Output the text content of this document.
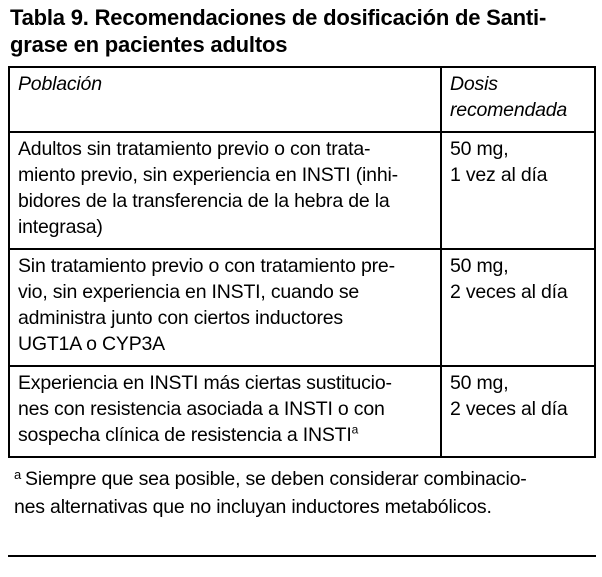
Tabla 9. Recomendaciones de dosificación de Santi-
grase en pacientes adultos
Población	Dosis
recomendada

Adultos sin tratamiento previo o con trata-
miento previo, sin experiencia en INSTI (inhi-
bidores de la transferencia de la hebra de la
integrasa)	50 mg,
1 vez al día

Sin tratamiento previo o con tratamiento pre-
vio, sin experiencia en INSTI, cuando se
administra junto con ciertos inductores
UGT1A o CYP3A	50 mg,
2 veces al día

Experiencia en INSTI más ciertas sustitucio-
nes con resistencia asociada a INSTI o con
sospecha clínica de resistencia a INSTI$^a$	50 mg,
2 veces al día
$^a$ Siempre que sea posible, se deben considerar combinacio-
nes alternativas que no incluyan inductores metabólicos.
